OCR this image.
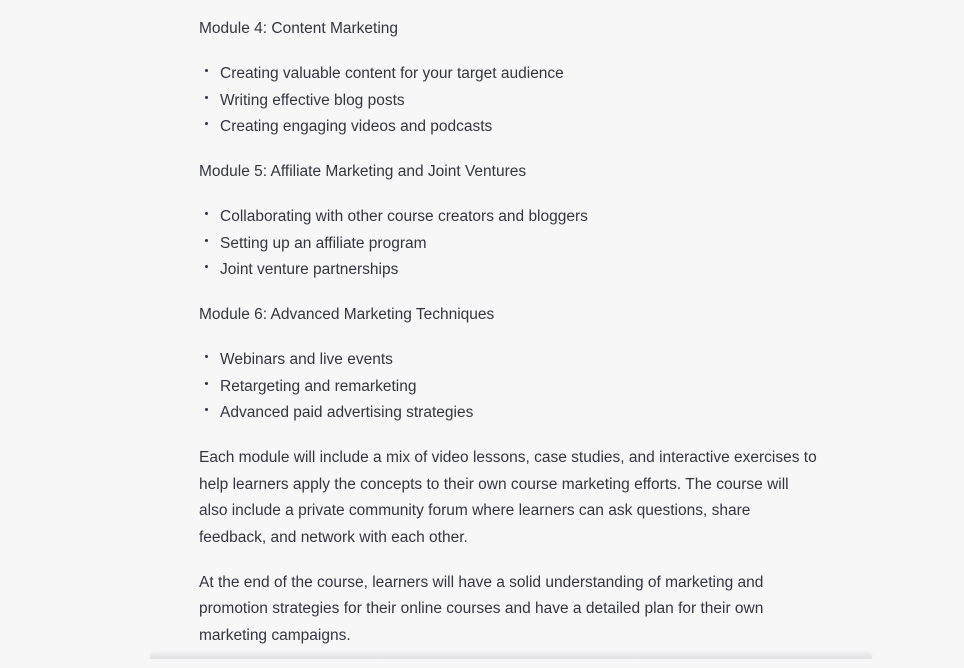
Module 4: Content Marketing

Creating valuable content for your target audience
Writing effective blog posts
Creating engaging videos and podcasts

Module 5: Affiliate Marketing and Joint Ventures

Collaborating with other course creators and bloggers
Setting up an affiliate program
Joint venture partnerships

Module 6: Advanced Marketing Techniques

Webinars and live events
Retargeting and remarketing
Advanced paid advertising strategies

Each module will include a mix of video lessons, case studies, and interactive exercises to help learners apply the concepts to their own course marketing efforts. The course will also include a private community forum where learners can ask questions, share feedback, and network with each other.

At the end of the course, learners will have a solid understanding of marketing and promotion strategies for their online courses and have a detailed plan for their own marketing campaigns.
